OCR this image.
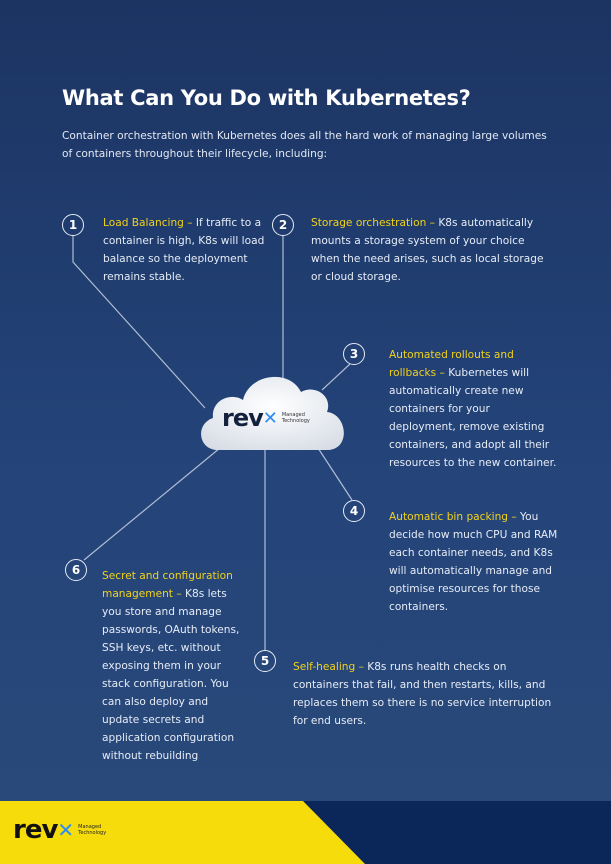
What Can You Do with Kubernetes?
Container orchestration with Kubernetes does all the hard work of managing large volumes of containers throughout their lifecycle, including:
rev ✕ Managed
Technology
1	2
3
4
5
6
Load Balancing – If traffic to a container is high, K8s will load balance so the deployment remains stable.
Storage orchestration – K8s automatically mounts a storage system of your choice when the need arises, such as local storage or cloud storage.
Automated rollouts and rollbacks – Kubernetes will automatically create new containers for your deployment, remove existing containers, and adopt all their resources to the new container.
Automatic bin packing – You decide how much CPU and RAM each container needs, and K8s will automatically manage and optimise resources for those containers.
Self-healing – K8s runs health checks on containers that fail, and then restarts, kills, and replaces them so there is no service interruption for end users.
Secret and configuration management – K8s lets you store and manage passwords, OAuth tokens, SSH keys, etc. without exposing them in your stack configuration. You can also deploy and update secrets and application configuration without rebuilding
rev ✕ Managed
Technology
